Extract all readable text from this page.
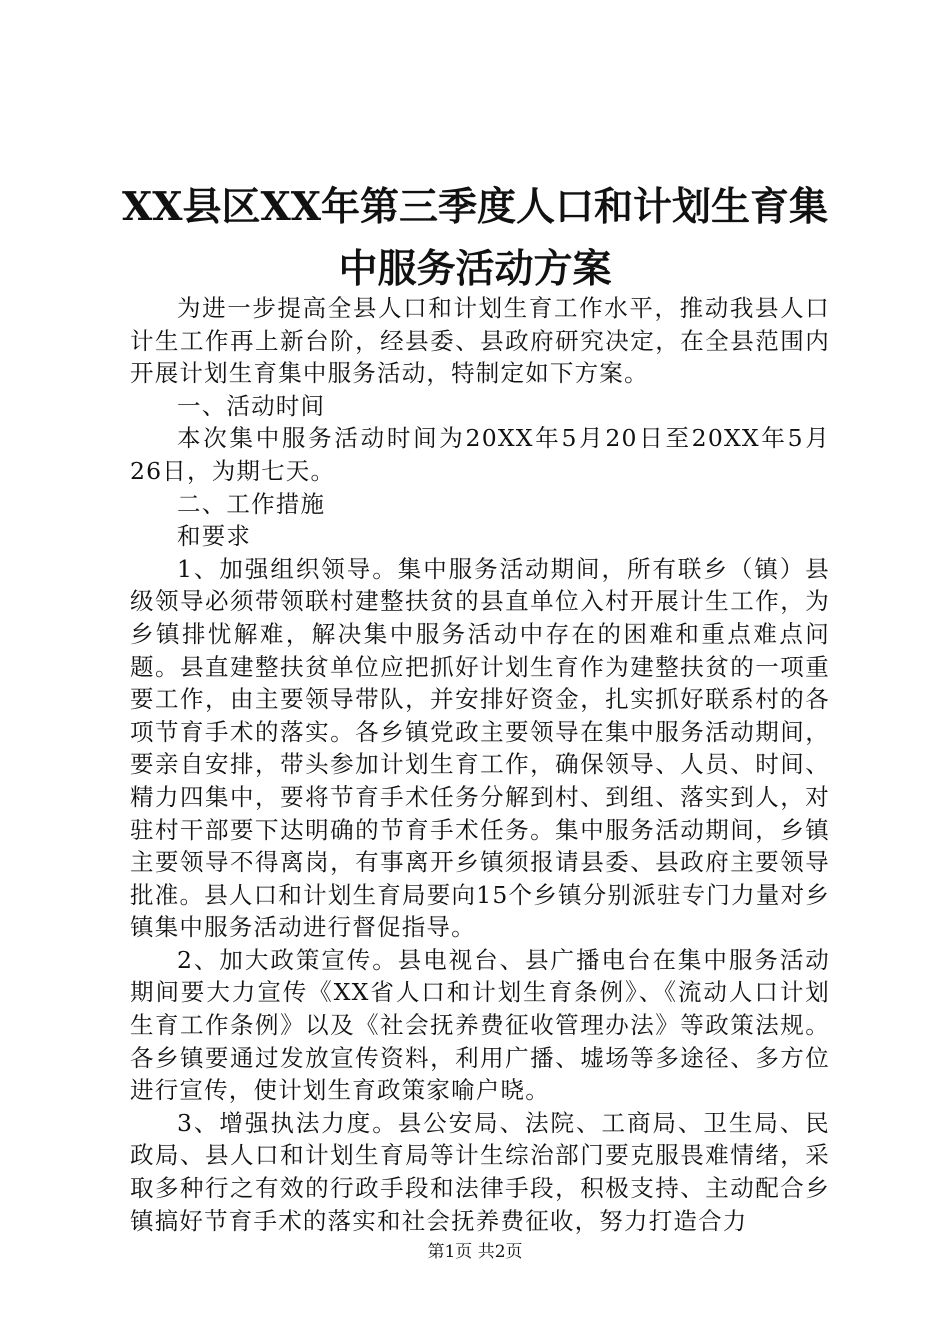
XX县区XX年第三季度人口和计划生育集中服务活动方案

为进一步提高全县人口和计划生育工作水平，推动我县人口计生工作再上新台阶，经县委、县政府研究决定，在全县范围内开展计划生育集中服务活动，特制定如下方案。

一、活动时间

本次集中服务活动时间为20XX年5月20日至20XX年5月26日，为期七天。

二、工作措施

和要求

1、加强组织领导。集中服务活动期间，所有联乡（镇）县级领导必须带领联村建整扶贫的县直单位入村开展计生工作，为乡镇排忧解难，解决集中服务活动中存在的困难和重点难点问题。县直建整扶贫单位应把抓好计划生育作为建整扶贫的一项重要工作，由主要领导带队，并安排好资金，扎实抓好联系村的各项节育手术的落实。各乡镇党政主要领导在集中服务活动期间，要亲自安排，带头参加计划生育工作，确保领导、人员、时间、精力四集中，要将节育手术任务分解到村、到组、落实到人，对驻村干部要下达明确的节育手术任务。集中服务活动期间，乡镇主要领导不得离岗，有事离开乡镇须报请县委、县政府主要领导批准。县人口和计划生育局要向15个乡镇分别派驻专门力量对乡镇集中服务活动进行督促指导。

2、加大政策宣传。县电视台、县广播电台在集中服务活动期间要大力宣传《XX省人口和计划生育条例》、《流动人口计划生育工作条例》以及《社会抚养费征收管理办法》等政策法规。各乡镇要通过发放宣传资料，利用广播、墟场等多途径、多方位进行宣传，使计划生育政策家喻户晓。

3、增强执法力度。县公安局、法院、工商局、卫生局、民政局、县人口和计划生育局等计生综治部门要克服畏难情绪，采取多种行之有效的行政手段和法律手段，积极支持、主动配合乡镇搞好节育手术的落实和社会抚养费征收，努力打造合力

第1页 共2页
